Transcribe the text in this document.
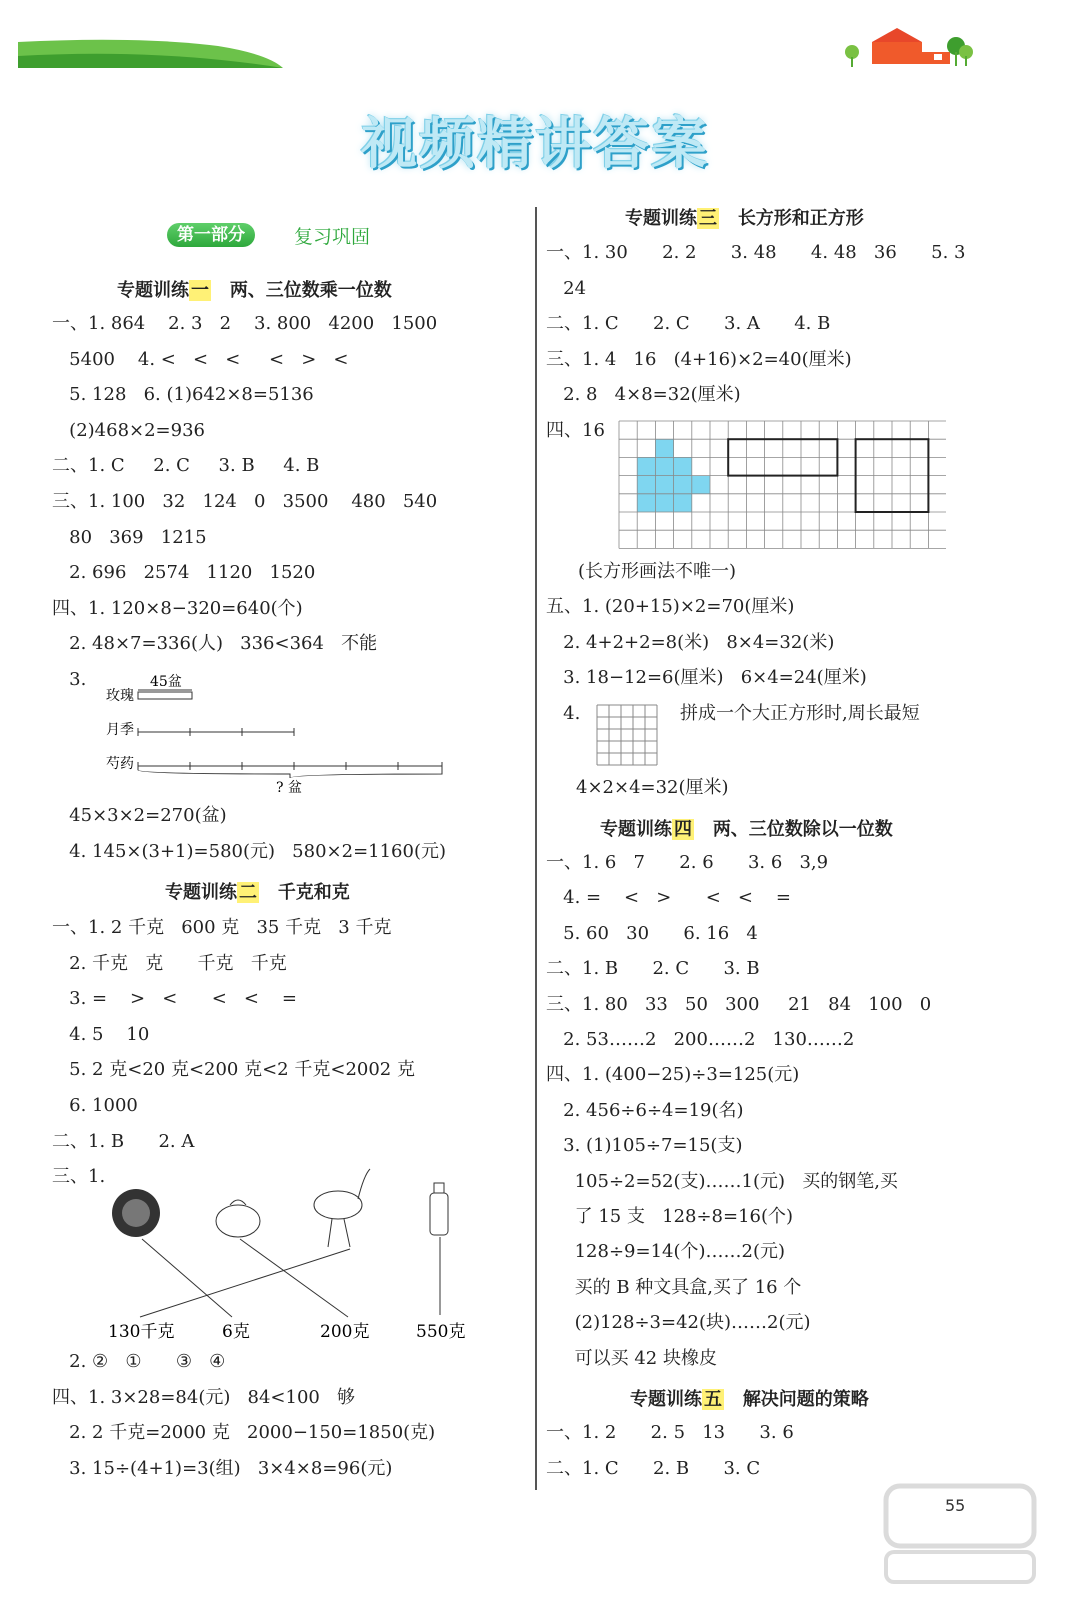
视频精讲答案
第一部分	复习巩固
专题训练 一 两、三位数乘一位数
一、1. 864    2. 3   2    3. 800   4200   1500
5400    4. <   <   <     <   >   <
5. 128   6. (1)642×8=5136
(2)468×2=936
二、1. C     2. C     3. B     4. B
三、1. 100   32   124   0   3500    480   540
80   369   1215
2. 696   2574   1120   1520
四、1. 120×8−320=640(个)
2. 48×7=336(人)   336<364   不能
3.	45盆
玫瑰
月季
芍药
? 盆
45×3×2=270(盆)
4. 145×(3+1)=580(元)   580×2=1160(元)
专题训练 二 千克和克
一、1. 2 千克   600 克   35 千克   3 千克
2. 千克   克      千克   千克
3. =    >   <      <   <    =
4. 5    10
5. 2 克<20 克<200 克<2 千克<2002 克
6. 1000
二、1. B      2. A
三、1.
130千克	6克	200克	550克
2. ②   ①      ③   ④
四、1. 3×28=84(元)   84<100   够
2. 2 千克=2000 克   2000−150=1850(克)
3. 15÷(4+1)=3(组)   3×4×8=96(元)
专题训练 三 长方形和正方形
一、1. 30      2. 2      3. 48      4. 48   36      5. 3
24
二、1. C      2. C      3. A      4. B
三、1. 4   16   (4+16)×2=40(厘米)
2. 8   4×8=32(厘米)
四、16
(长方形画法不唯一)
五、1. (20+15)×2=70(厘米)
2. 4+2+2=8(米)   8×4=32(米)
3. 18−12=6(厘米)   6×4=24(厘米)
4.	拼成一个大正方形时,周长最短
4×2×4=32(厘米)
专题训练 四 两、三位数除以一位数
一、1. 6   7      2. 6      3. 6   3,9
4. =    <   >      <   <    =
5. 60   30      6. 16   4
二、1. B      2. C      3. B
三、1. 80   33   50   300     21   84   100   0
2. 53……2   200……2   130……2
四、1. (400−25)÷3=125(元)
2. 456÷6÷4=19(名)
3. (1)105÷7=15(支)
105÷2=52(支)……1(元)   买的钢笔,买
了 15 支   128÷8=16(个)
128÷9=14(个)……2(元)
买的 B 种文具盒,买了 16 个
(2)128÷3=42(块)……2(元)
可以买 42 块橡皮
专题训练 五 解决问题的策略
一、1. 2      2. 5   13      3. 6
二、1. C      2. B      3. C
55
